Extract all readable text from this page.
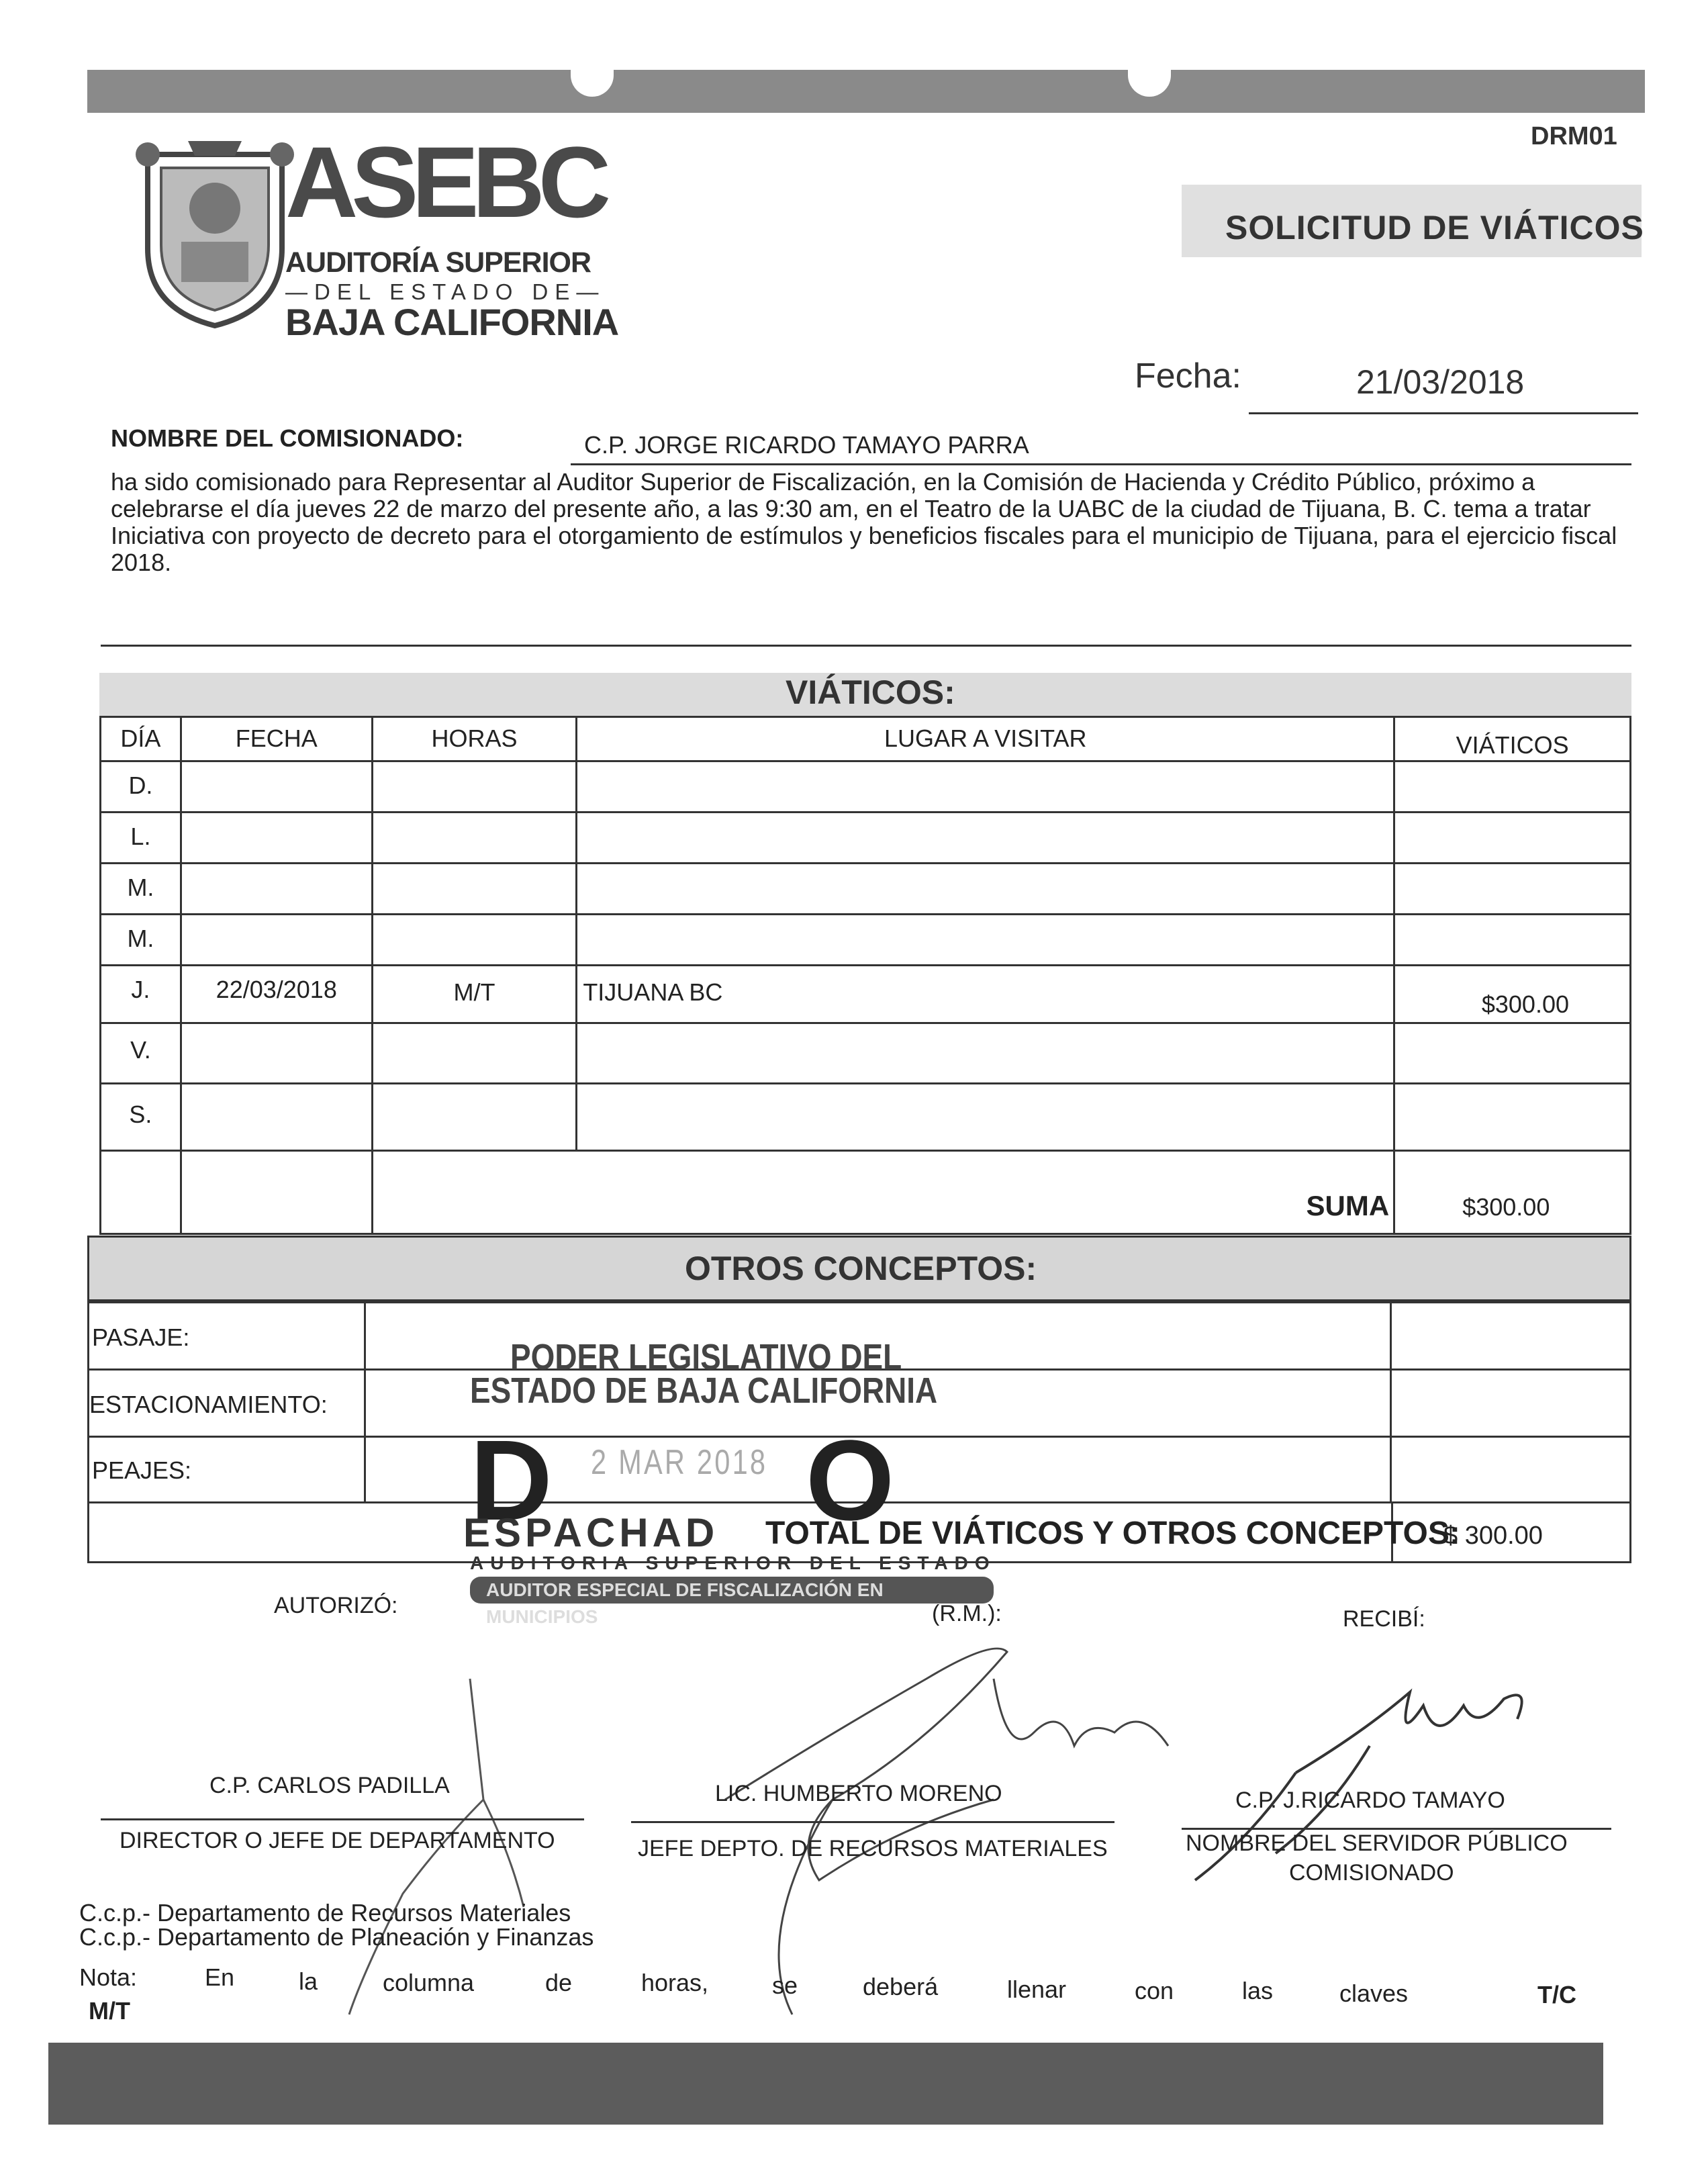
ASEBC
AUDITORÍA SUPERIOR
—DEL ESTADO DE—
BAJA CALIFORNIA
DRM01
SOLICITUD DE VIÁTICOS
Fecha:	21/03/2018
NOMBRE DEL COMISIONADO:	C.P. JORGE RICARDO TAMAYO PARRA
ha sido comisionado para Representar al Auditor Superior de Fiscalización, en la Comisión de Hacienda y Crédito Público, próximo a celebrarse el día jueves 22 de marzo del presente año, a las 9:30 am, en el Teatro de la UABC de la ciudad de Tijuana, B. C. tema a tratar Iniciativa con proyecto de decreto para el otorgamiento de estímulos y beneficios fiscales para el municipio de Tijuana, para el ejercicio fiscal 2018.
VIÁTICOS:
DÍA	FECHA	HORAS	LUGAR A VISITAR	VIÁTICOS
D.				
L.				
M.				
M.				
J.	22/03/2018	M/T	TIJUANA BC	$300.00
V.				
S.				
		SUMA		$300.00
OTROS CONCEPTOS:
PASAJE:		
ESTACIONAMIENTO:		
PEAJES:		
TOTAL DE VIÁTICOS Y OTROS CONCEPTOS:
$ 300.00
PODER LEGISLATIVO DEL
ESTADO DE BAJA CALIFORNIA
D 2 MAR 2018 O
ESPACHAD
AUDITORIA SUPERIOR DEL ESTADO
AUDITOR ESPECIAL DE FISCALIZACIÓN EN MUNICIPIOS
AUTORIZÓ:	(R.M.):	RECIBÍ:
C.P. CARLOS PADILLA
DIRECTOR O JEFE DE DEPARTAMENTO
LIC. HUMBERTO MORENO
JEFE DEPTO. DE RECURSOS MATERIALES
C.P. J.RICARDO TAMAYO
NOMBRE DEL SERVIDOR PÚBLICO
COMISIONADO
C.c.p.- Departamento de Recursos Materiales
C.c.p.- Departamento de Planeación y Finanzas
Nota:	En	la	columna	de	horas,	se	deberá	llenar	con	las	claves	T/C
M/T
